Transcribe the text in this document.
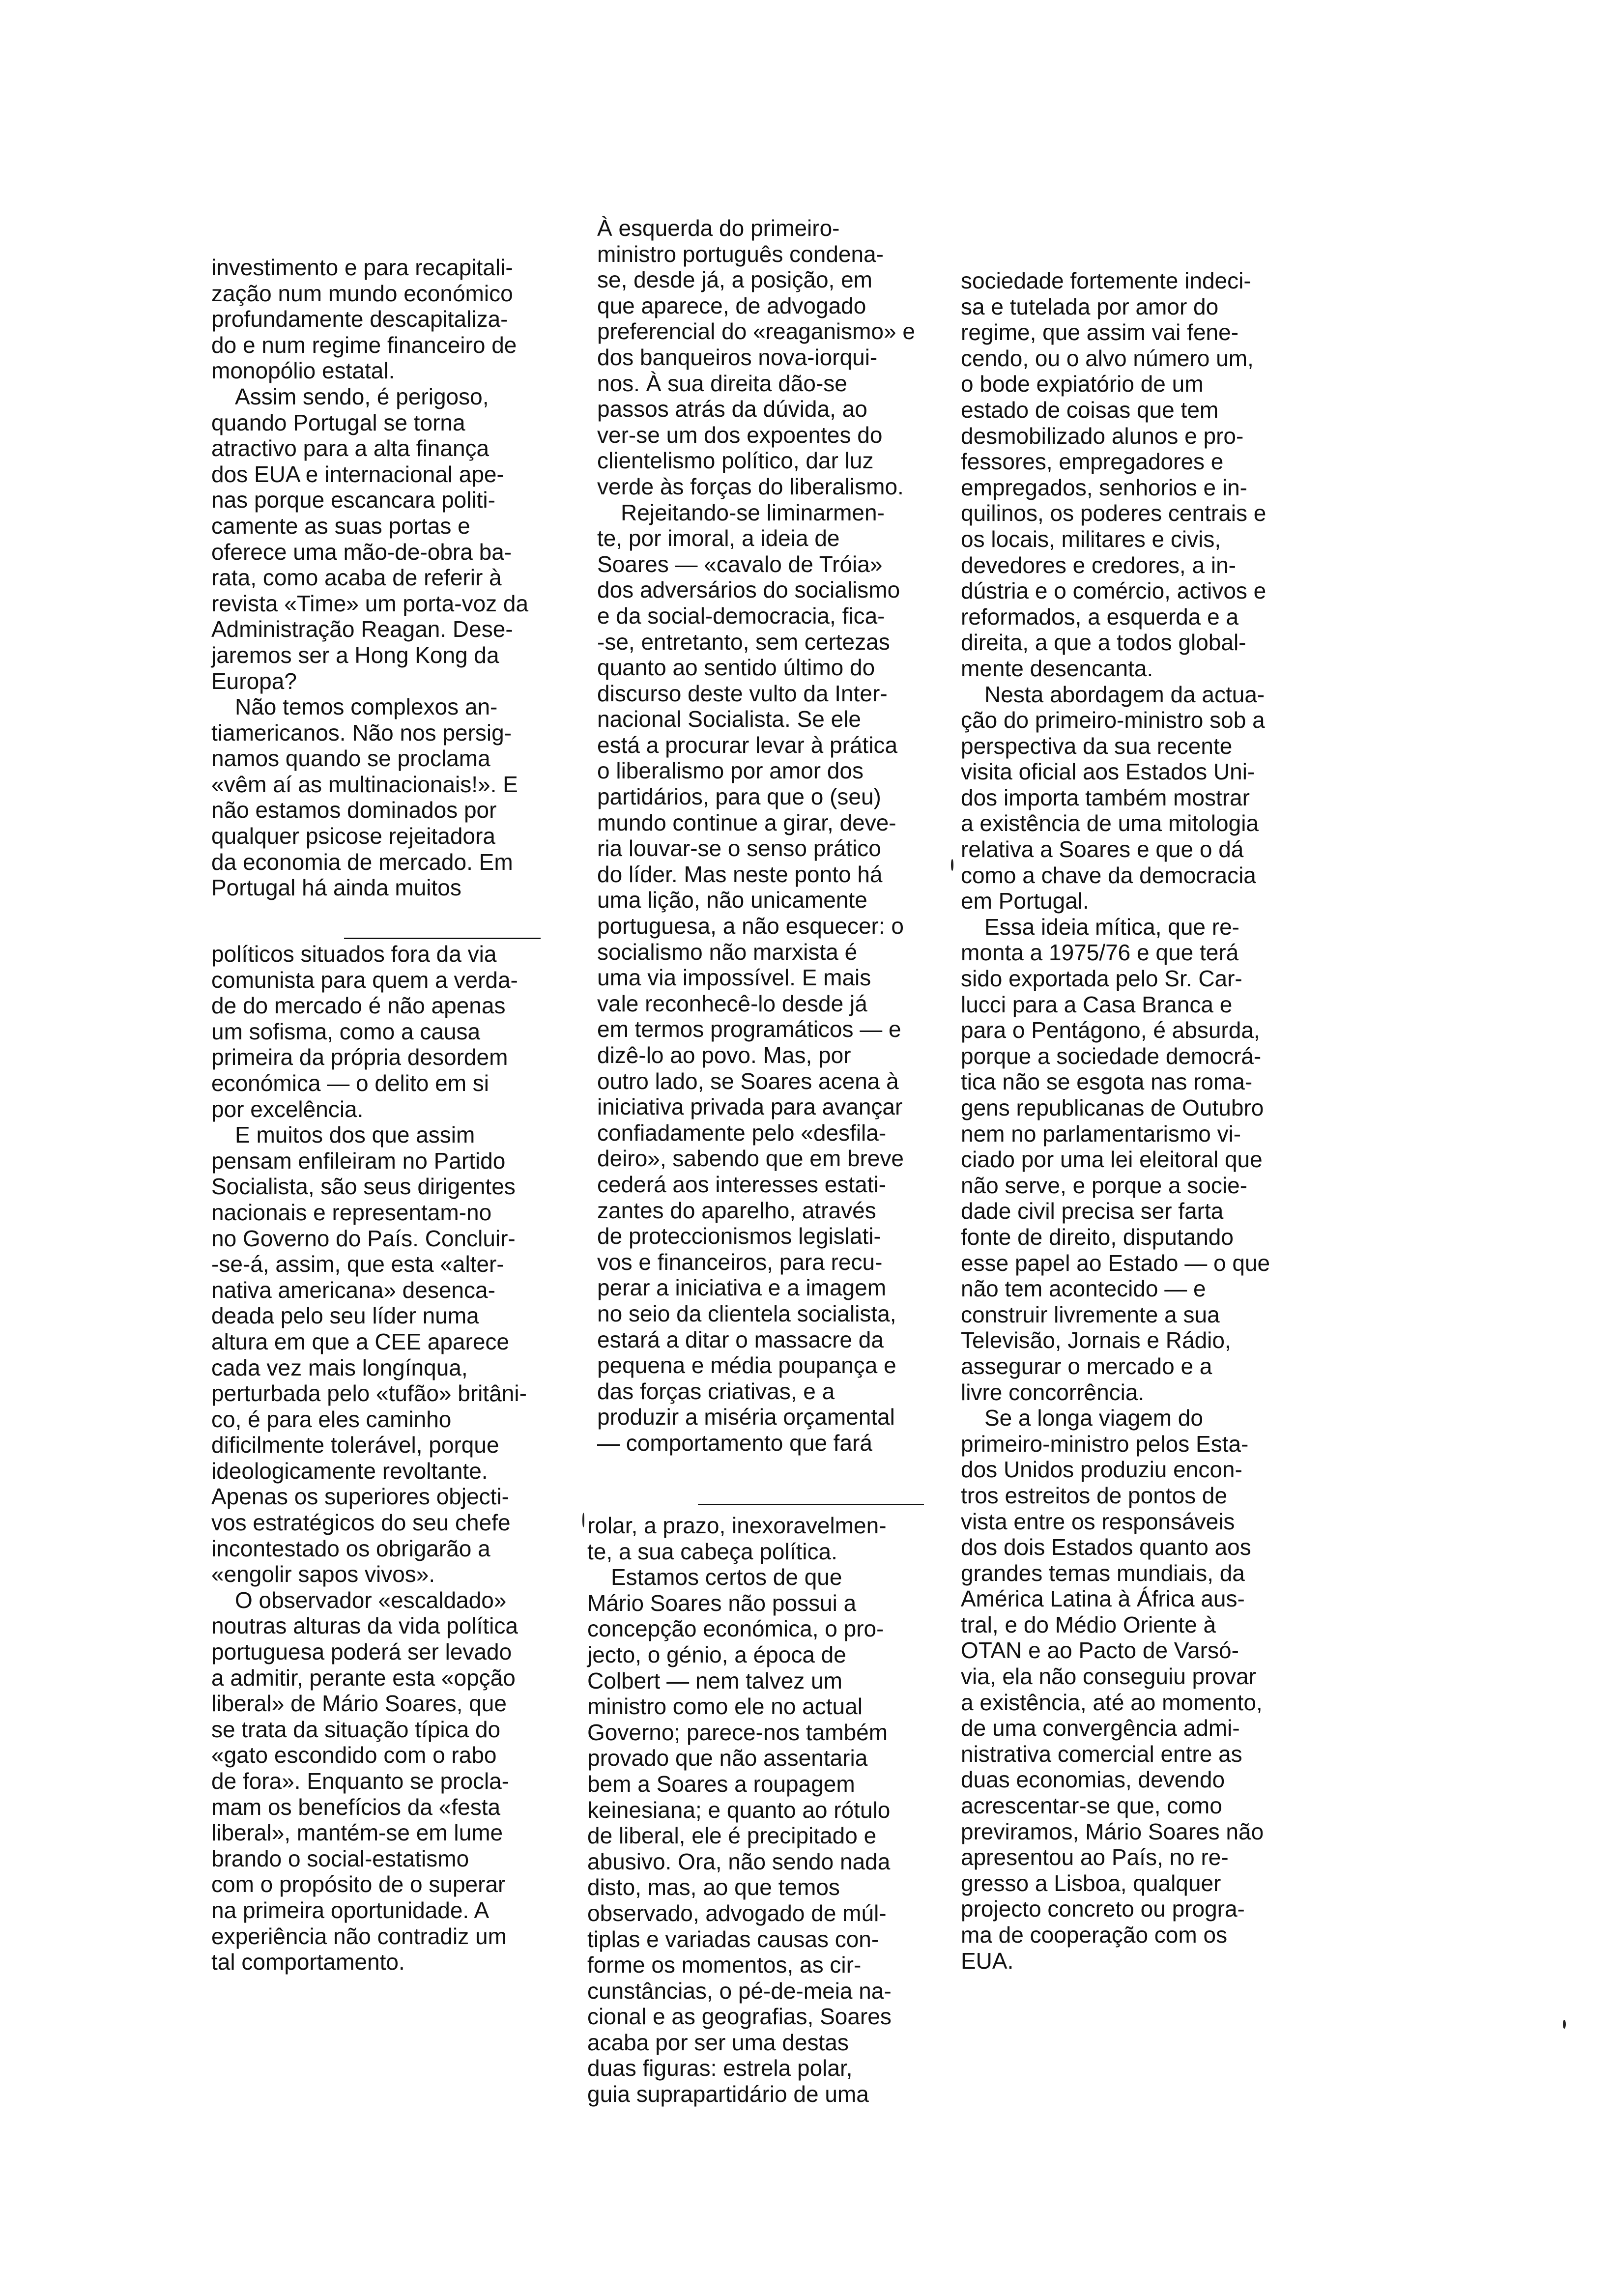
investimento e para recapitali-

zação num mundo económico

profundamente descapitaliza-

do e num regime financeiro de

monopólio estatal.

Assim sendo, é perigoso,

quando Portugal se torna

atractivo para a alta finança

dos EUA e internacional ape-

nas porque escancara politi-

camente as suas portas e

oferece uma mão-de-obra ba-

rata, como acaba de referir à

revista «Time» um porta-voz da

Administração Reagan. Dese-

jaremos ser a Hong Kong da

Europa?

Não temos complexos an-

tiamericanos. Não nos persig-

namos quando se proclama

«vêm aí as multinacionais!». E

não estamos dominados por

qualquer psicose rejeitadora

da economia de mercado. Em

Portugal há ainda muitos

políticos situados fora da via

comunista para quem a verda-

de do mercado é não apenas

um sofisma, como a causa

primeira da própria desordem

económica — o delito em si

por excelência.

E muitos dos que assim

pensam enfileiram no Partido

Socialista, são seus dirigentes

nacionais e representam-no

no Governo do País. Concluir-

-se-á, assim, que esta «alter-

nativa americana» desenca-

deada pelo seu líder numa

altura em que a CEE aparece

cada vez mais longínqua,

perturbada pelo «tufão» britâni-

co, é para eles caminho

dificilmente tolerável, porque

ideologicamente revoltante.

Apenas os superiores objecti-

vos estratégicos do seu chefe

incontestado os obrigarão a

«engolir sapos vivos».

O observador «escaldado»

noutras alturas da vida política

portuguesa poderá ser levado

a admitir, perante esta «opção

liberal» de Mário Soares, que

se trata da situação típica do

«gato escondido com o rabo

de fora». Enquanto se procla-

mam os benefícios da «festa

liberal», mantém-se em lume

brando o social-estatismo

com o propósito de o superar

na primeira oportunidade. A

experiência não contradiz um

tal comportamento.

À esquerda do primeiro-

ministro português condena-

se, desde já, a posição, em

que aparece, de advogado

preferencial do «reaganismo» e

dos banqueiros nova-iorqui-

nos. À sua direita dão-se

passos atrás da dúvida, ao

ver-se um dos expoentes do

clientelismo político, dar luz

verde às forças do liberalismo.

Rejeitando-se liminarmen-

te, por imoral, a ideia de

Soares — «cavalo de Tróia»

dos adversários do socialismo

e da social-democracia, fica-

-se, entretanto, sem certezas

quanto ao sentido último do

discurso deste vulto da Inter-

nacional Socialista. Se ele

está a procurar levar à prática

o liberalismo por amor dos

partidários, para que o (seu)

mundo continue a girar, deve-

ria louvar-se o senso prático

do líder. Mas neste ponto há

uma lição, não unicamente

portuguesa, a não esquecer: o

socialismo não marxista é

uma via impossível. E mais

vale reconhecê-lo desde já

em termos programáticos — e

dizê-lo ao povo. Mas, por

outro lado, se Soares acena à

iniciativa privada para avançar

confiadamente pelo «desfila-

deiro», sabendo que em breve

cederá aos interesses estati-

zantes do aparelho, através

de proteccionismos legislati-

vos e financeiros, para recu-

perar a iniciativa e a imagem

no seio da clientela socialista,

estará a ditar o massacre da

pequena e média poupança e

das forças criativas, e a

produzir a miséria orçamental

— comportamento que fará

rolar, a prazo, inexoravelmen-

te, a sua cabeça política.

Estamos certos de que

Mário Soares não possui a

concepção económica, o pro-

jecto, o génio, a época de

Colbert — nem talvez um

ministro como ele no actual

Governo; parece-nos também

provado que não assentaria

bem a Soares a roupagem

keinesiana; e quanto ao rótulo

de liberal, ele é precipitado e

abusivo. Ora, não sendo nada

disto, mas, ao que temos

observado, advogado de múl-

tiplas e variadas causas con-

forme os momentos, as cir-

cunstâncias, o pé-de-meia na-

cional e as geografias, Soares

acaba por ser uma destas

duas figuras: estrela polar,

guia suprapartidário de uma

sociedade fortemente indeci-

sa e tutelada por amor do

regime, que assim vai fene-

cendo, ou o alvo número um,

o bode expiatório de um

estado de coisas que tem

desmobilizado alunos e pro-

fessores, empregadores e

empregados, senhorios e in-

quilinos, os poderes centrais e

os locais, militares e civis,

devedores e credores, a in-

dústria e o comércio, activos e

reformados, a esquerda e a

direita, a que a todos global-

mente desencanta.

Nesta abordagem da actua-

ção do primeiro-ministro sob a

perspectiva da sua recente

visita oficial aos Estados Uni-

dos importa também mostrar

a existência de uma mitologia

relativa a Soares e que o dá

como a chave da democracia

em Portugal.

Essa ideia mítica, que re-

monta a 1975/76 e que terá

sido exportada pelo Sr. Car-

lucci para a Casa Branca e

para o Pentágono, é absurda,

porque a sociedade democrá-

tica não se esgota nas roma-

gens republicanas de Outubro

nem no parlamentarismo vi-

ciado por uma lei eleitoral que

não serve, e porque a socie-

dade civil precisa ser farta

fonte de direito, disputando

esse papel ao Estado — o que

não tem acontecido — e

construir livremente a sua

Televisão, Jornais e Rádio,

assegurar o mercado e a

livre concorrência.

Se a longa viagem do

primeiro-ministro pelos Esta-

dos Unidos produziu encon-

tros estreitos de pontos de

vista entre os responsáveis

dos dois Estados quanto aos

grandes temas mundiais, da

América Latina à África aus-

tral, e do Médio Oriente à

OTAN e ao Pacto de Varsó-

via, ela não conseguiu provar

a existência, até ao momento,

de uma convergência admi-

nistrativa comercial entre as

duas economias, devendo

acrescentar-se que, como

previramos, Mário Soares não

apresentou ao País, no re-

gresso a Lisboa, qualquer

projecto concreto ou progra-

ma de cooperação com os

EUA.
